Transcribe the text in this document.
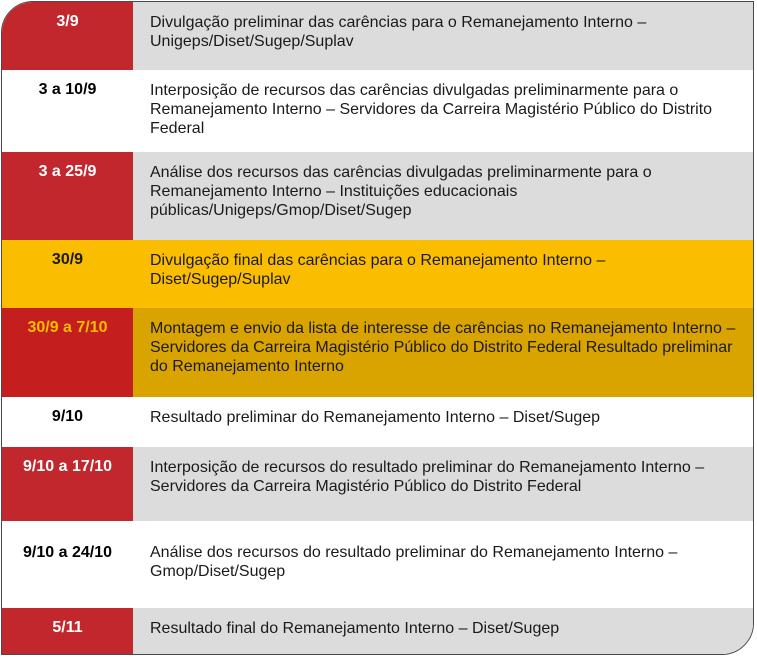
3/9	Divulgação preliminar das carências para o Remanejamento Interno – Unigeps/Diset/Sugep/Suplav
3 a 10/9	Interposição de recursos das carências divulgadas preliminarmente para o Remanejamento Interno – Servidores da Carreira Magistério Público do Distrito Federal
3 a 25/9	Análise dos recursos das carências divulgadas preliminarmente para o Remanejamento Interno – Instituições educacionais públicas/Unigeps/Gmop/Diset/Sugep
30/9	Divulgação final das carências para o Remanejamento Interno – Diset/Sugep/Suplav
30/9 a 7/10	Montagem e envio da lista de interesse de carências no Remanejamento Interno – Servidores da Carreira Magistério Público do Distrito Federal Resultado preliminar do Remanejamento Interno
9/10	Resultado preliminar do Remanejamento Interno – Diset/Sugep
9/10 a 17/10	Interposição de recursos do resultado preliminar do Remanejamento Interno – Servidores da Carreira Magistério Público do Distrito Federal
9/10 a 24/10	Análise dos recursos do resultado preliminar do Remanejamento Interno – Gmop/Diset/Sugep
5/11	Resultado final do Remanejamento Interno – Diset/Sugep
